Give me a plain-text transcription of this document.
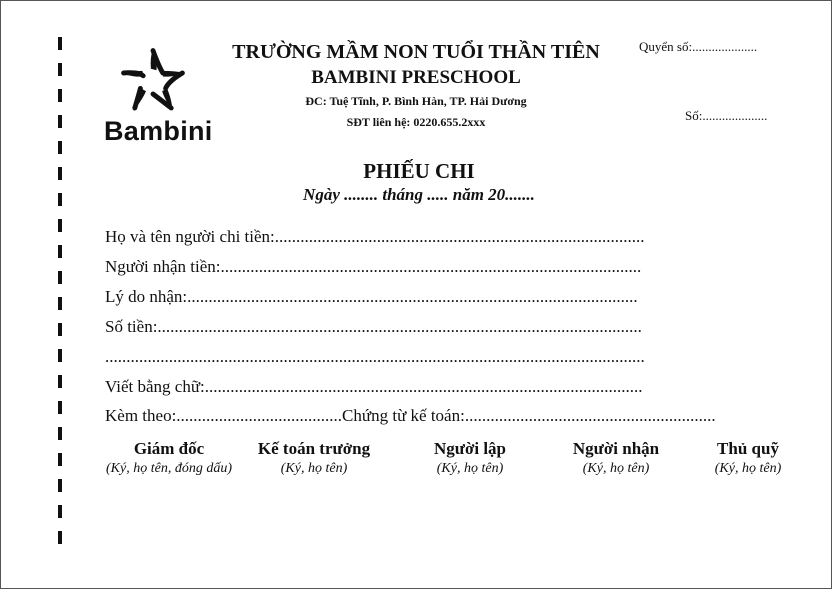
Bambini
TRƯỜNG MẦM NON TUỔI THẦN TIÊN
BAMBINI PRESCHOOL
ĐC: Tuệ Tĩnh, P. Bình Hàn, TP. Hải Dương
SĐT liên hệ: 0220.655.2xxx
Quyển số:....................
Số:....................
PHIẾU CHI
Ngày ........ tháng ..... năm 20.......
Họ và tên người chi tiền:.......................................................................................
Người nhận tiền:...................................................................................................
Lý do nhận:..........................................................................................................
Số tiền:..................................................................................................................
...............................................................................................................................
Viết bằng chữ:.......................................................................................................
Kèm theo:.......................................Chứng từ kế toán:...........................................................
Giám đốc
(Ký, họ tên, đóng dấu)
Kế toán trưởng
(Ký, họ tên)
Người lập
(Ký, họ tên)
Người nhận
(Ký, họ tên)
Thủ quỹ
(Ký, họ tên)
